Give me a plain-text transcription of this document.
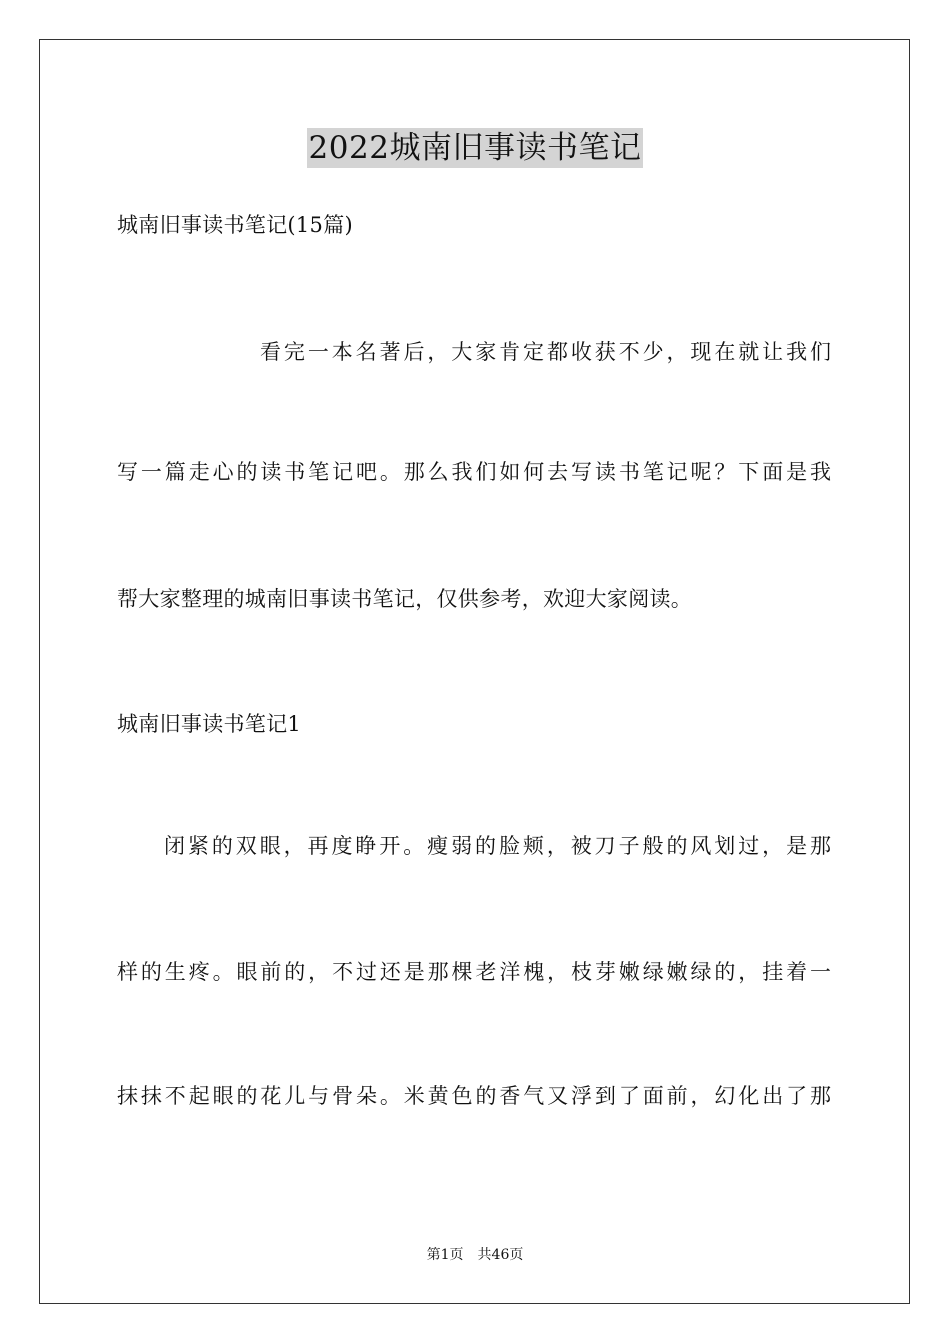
2022城南旧事读书笔记
城南旧事读书笔记(15篇)
看完一本名著后，大家肯定都收获不少，现在就让我们
写一篇走心的读书笔记吧。那么我们如何去写读书笔记呢？下面是我
帮大家整理的城南旧事读书笔记，仅供参考，欢迎大家阅读。
城南旧事读书笔记1
闭紧的双眼，再度睁开。瘦弱的脸颊，被刀子般的风划过，是那
样的生疼。眼前的，不过还是那棵老洋槐，枝芽嫩绿嫩绿的，挂着一
抹抹不起眼的花儿与骨朵。米黄色的香气又浮到了面前，幻化出了那
第1页　共46页
